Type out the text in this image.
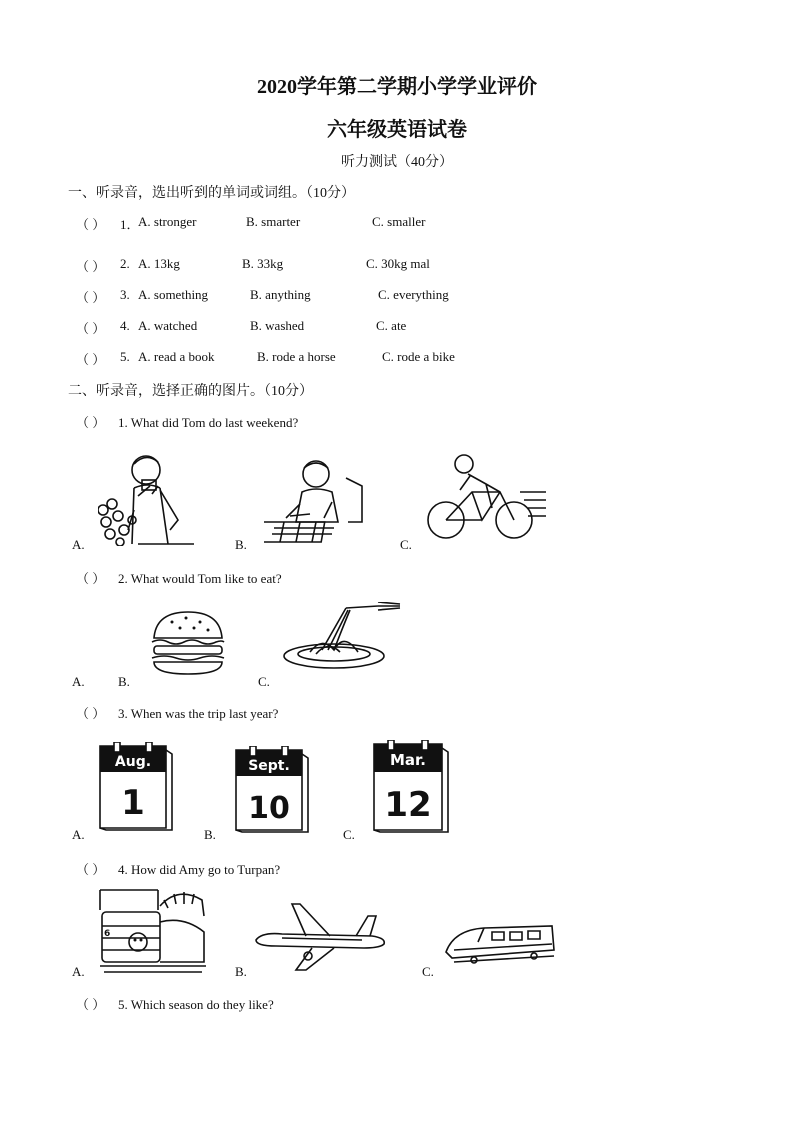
2020学年第二学期小学学业评价
六年级英语试卷
听力测试（40分）
一、听录音，选出听到的单词或词组。（10分）
（ ） 1．
A. stronger	B. smarter	C. smaller
（ ） 2. A. 13kg	B. 33kg	C. 30kg mal
（ ） 3. A. something	B. anything	C. everything
（ ） 4. A. watched	B. washed	C. ate
（ ） 5. A. read a book	B. rode a horse	C. rode a bike
二、听录音，选择正确的图片。（10分）
（ ） 1. What did Tom do last weekend?
A.	B.	C.
（ ） 2. What would Tom like to eat?
A.	B.	C.
（ ） 3. When was the trip last year?
A.	B.	C.
Aug.
1
Sept.
10
Mar.
12
（ ） 4. How did Amy go to Turpan?
A.	B.	C.
6
（ ） 5. Which season do they like?
